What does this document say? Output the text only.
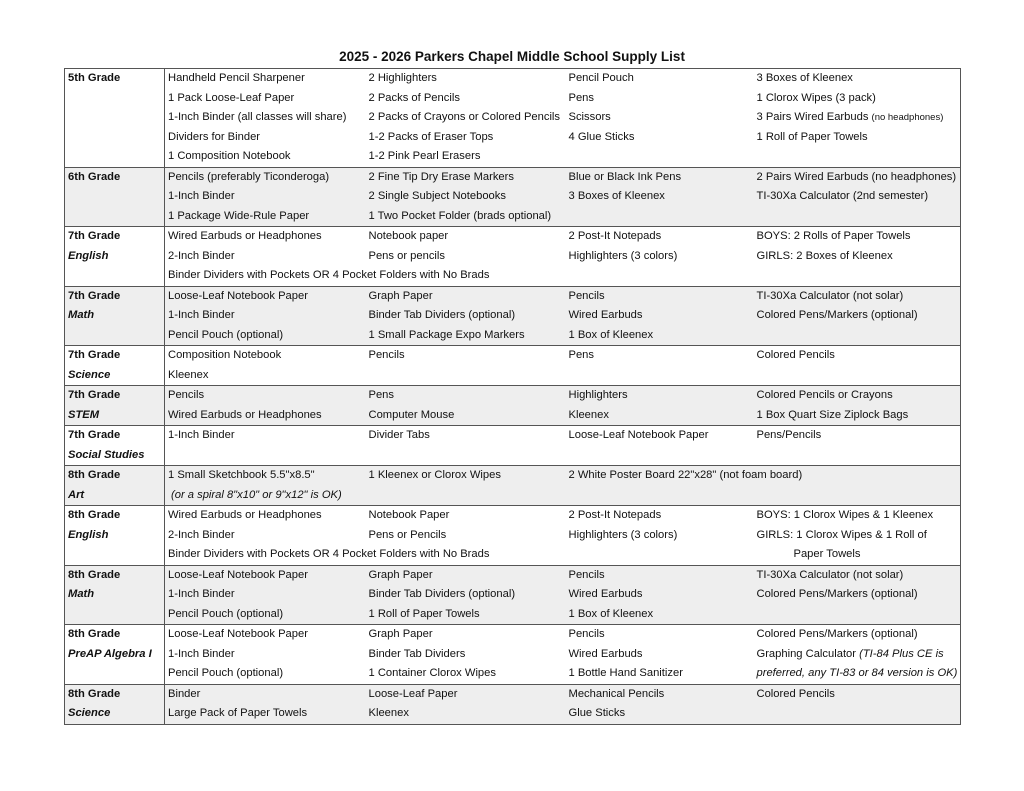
2025 - 2026 Parkers Chapel Middle School Supply List
5th Grade	Handheld Pencil Sharpener	2 Highlighters	Pencil Pouch	3 Boxes of Kleenex
	1 Pack Loose-Leaf Paper	2 Packs of Pencils	Pens	1 Clorox Wipes (3 pack)
	1-Inch Binder (all classes will share)	2 Packs of Crayons or Colored Pencils	Scissors	3 Pairs Wired Earbuds (no headphones)
	Dividers for Binder	1-2 Packs of Eraser Tops	4 Glue Sticks	1 Roll of Paper Towels
	1 Composition Notebook	1-2 Pink Pearl Erasers		
6th Grade	Pencils (preferably Ticonderoga)	2 Fine Tip Dry Erase Markers	Blue or Black Ink Pens	2 Pairs Wired Earbuds (no headphones)
	1-Inch Binder	2 Single Subject Notebooks	3 Boxes of Kleenex	TI-30Xa Calculator (2nd semester)
	1 Package Wide-Rule Paper	1 Two Pocket Folder (brads optional)		
7th Grade	Wired Earbuds or Headphones	Notebook paper	2 Post-It Notepads	BOYS: 2 Rolls of Paper Towels
English	2-Inch Binder	Pens or pencils	Highlighters (3 colors)	GIRLS: 2 Boxes of Kleenex
	Binder Dividers with Pockets OR 4 Pocket Folders with No Brads			
7th Grade	Loose-Leaf Notebook Paper	Graph Paper	Pencils	TI-30Xa Calculator (not solar)
Math	1-Inch Binder	Binder Tab Dividers (optional)	Wired Earbuds	Colored Pens/Markers (optional)
	Pencil Pouch (optional)	1 Small Package Expo Markers	1 Box of Kleenex	
7th Grade	Composition Notebook	Pencils	Pens	Colored Pencils
Science	Kleenex			
7th Grade	Pencils	Pens	Highlighters	Colored Pencils or Crayons
STEM	Wired Earbuds or Headphones	Computer Mouse	Kleenex	1 Box Quart Size Ziplock Bags
7th Grade	1-Inch Binder	Divider Tabs	Loose-Leaf Notebook Paper	Pens/Pencils
Social Studies				
8th Grade	1 Small Sketchbook 5.5"x8.5"	1 Kleenex or Clorox Wipes	2 White Poster Board 22"x28" (not foam board)	
Art	(or a spiral 8"x10" or 9"x12" is OK)			
8th Grade	Wired Earbuds or Headphones	Notebook Paper	2 Post-It Notepads	BOYS: 1 Clorox Wipes & 1 Kleenex
English	2-Inch Binder	Pens or Pencils	Highlighters (3 colors)	GIRLS: 1 Clorox Wipes & 1 Roll of
	Binder Dividers with Pockets OR 4 Pocket Folders with No Brads			Paper Towels
8th Grade	Loose-Leaf Notebook Paper	Graph Paper	Pencils	TI-30Xa Calculator (not solar)
Math	1-Inch Binder	Binder Tab Dividers (optional)	Wired Earbuds	Colored Pens/Markers (optional)
	Pencil Pouch (optional)	1 Roll of Paper Towels	1 Box of Kleenex	
8th Grade	Loose-Leaf Notebook Paper	Graph Paper	Pencils	Colored Pens/Markers (optional)
PreAP Algebra I	1-Inch Binder	Binder Tab Dividers	Wired Earbuds	Graphing Calculator (TI-84 Plus CE is
	Pencil Pouch (optional)	1 Container Clorox Wipes	1 Bottle Hand Sanitizer	preferred, any TI-83 or 84 version is OK)
8th Grade	Binder	Loose-Leaf Paper	Mechanical Pencils	Colored Pencils
Science	Large Pack of Paper Towels	Kleenex	Glue Sticks	
